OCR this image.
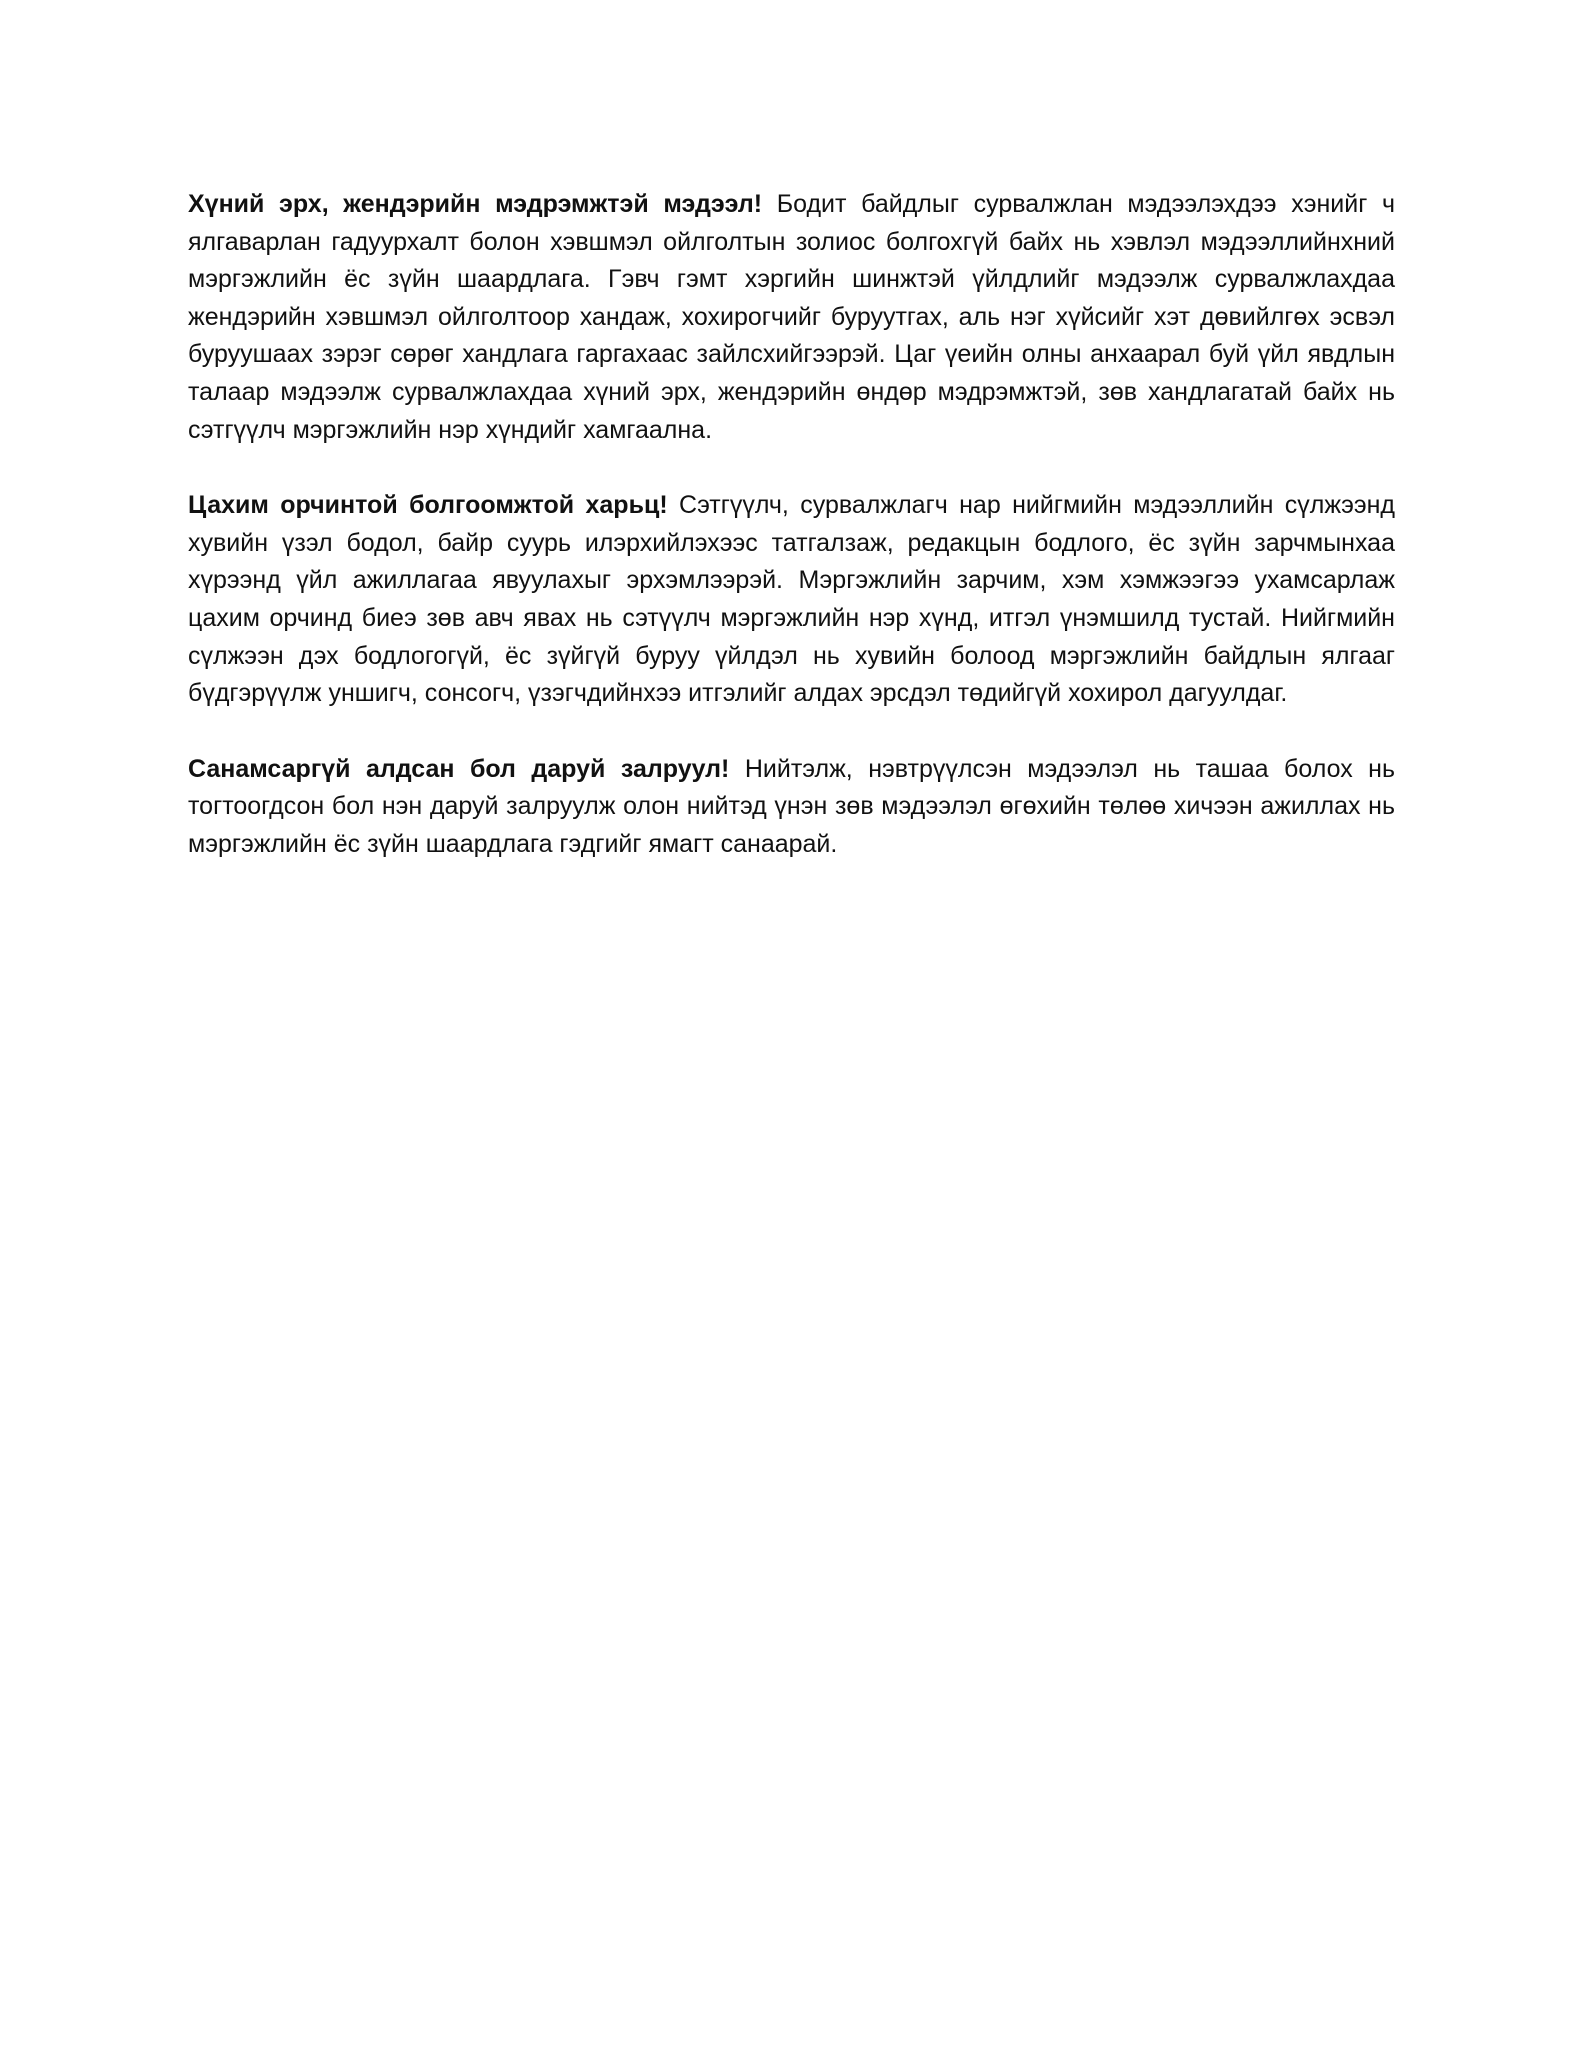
Хүний эрх, жендэрийн мэдрэмжтэй мэдээл! Бодит байдлыг сурвалжлан мэдээлэхдээ хэнийг ч ялгаварлан гадуурхалт болон хэвшмэл ойлголтын золиос болгохгүй байх нь хэвлэл мэдээллийнхний мэргэжлийн ёс зүйн шаардлага. Гэвч гэмт хэргийн шинжтэй үйлдлийг мэдээлж сурвалжлахдаа жендэрийн хэвшмэл ойлголтоор хандаж, хохирогчийг буруутгах, аль нэг хүйсийг хэт дөвийлгөх эсвэл буруушаах зэрэг сөрөг хандлага гаргахаас зайлсхийгээрэй. Цаг үеийн олны анхаарал буй үйл явдлын талаар мэдээлж сурвалжлахдаа хүний эрх, жендэрийн өндөр мэдрэмжтэй, зөв хандлагатай байх нь сэтгүүлч мэргэжлийн нэр хүндийг хамгаална.

Цахим орчинтой болгоомжтой харьц! Сэтгүүлч, сурвалжлагч нар нийгмийн мэдээллийн сүлжээнд хувийн үзэл бодол, байр суурь илэрхийлэхээс татгалзаж, редакцын бодлого, ёс зүйн зарчмынхаа хүрээнд үйл ажиллагаа явуулахыг эрхэмлээрэй. Мэргэжлийн зарчим, хэм хэмжээгээ ухамсарлаж цахим орчинд биеэ зөв авч явах нь сэтүүлч мэргэжлийн нэр хүнд, итгэл үнэмшилд тустай. Нийгмийн сүлжээн дэх бодлогогүй, ёс зүйгүй буруу үйлдэл нь хувийн болоод мэргэжлийн байдлын ялгааг бүдгэрүүлж уншигч, сонсогч, үзэгчдийнхээ итгэлийг алдах эрсдэл төдийгүй хохирол дагуулдаг.

Санамсаргүй алдсан бол даруй залруул! Нийтэлж, нэвтрүүлсэн мэдээлэл нь ташаа болох нь тогтоогдсон бол нэн даруй залруулж олон нийтэд үнэн зөв мэдээлэл өгөхийн төлөө хичээн ажиллах нь мэргэжлийн ёс зүйн шаардлага гэдгийг ямагт санаарай.
